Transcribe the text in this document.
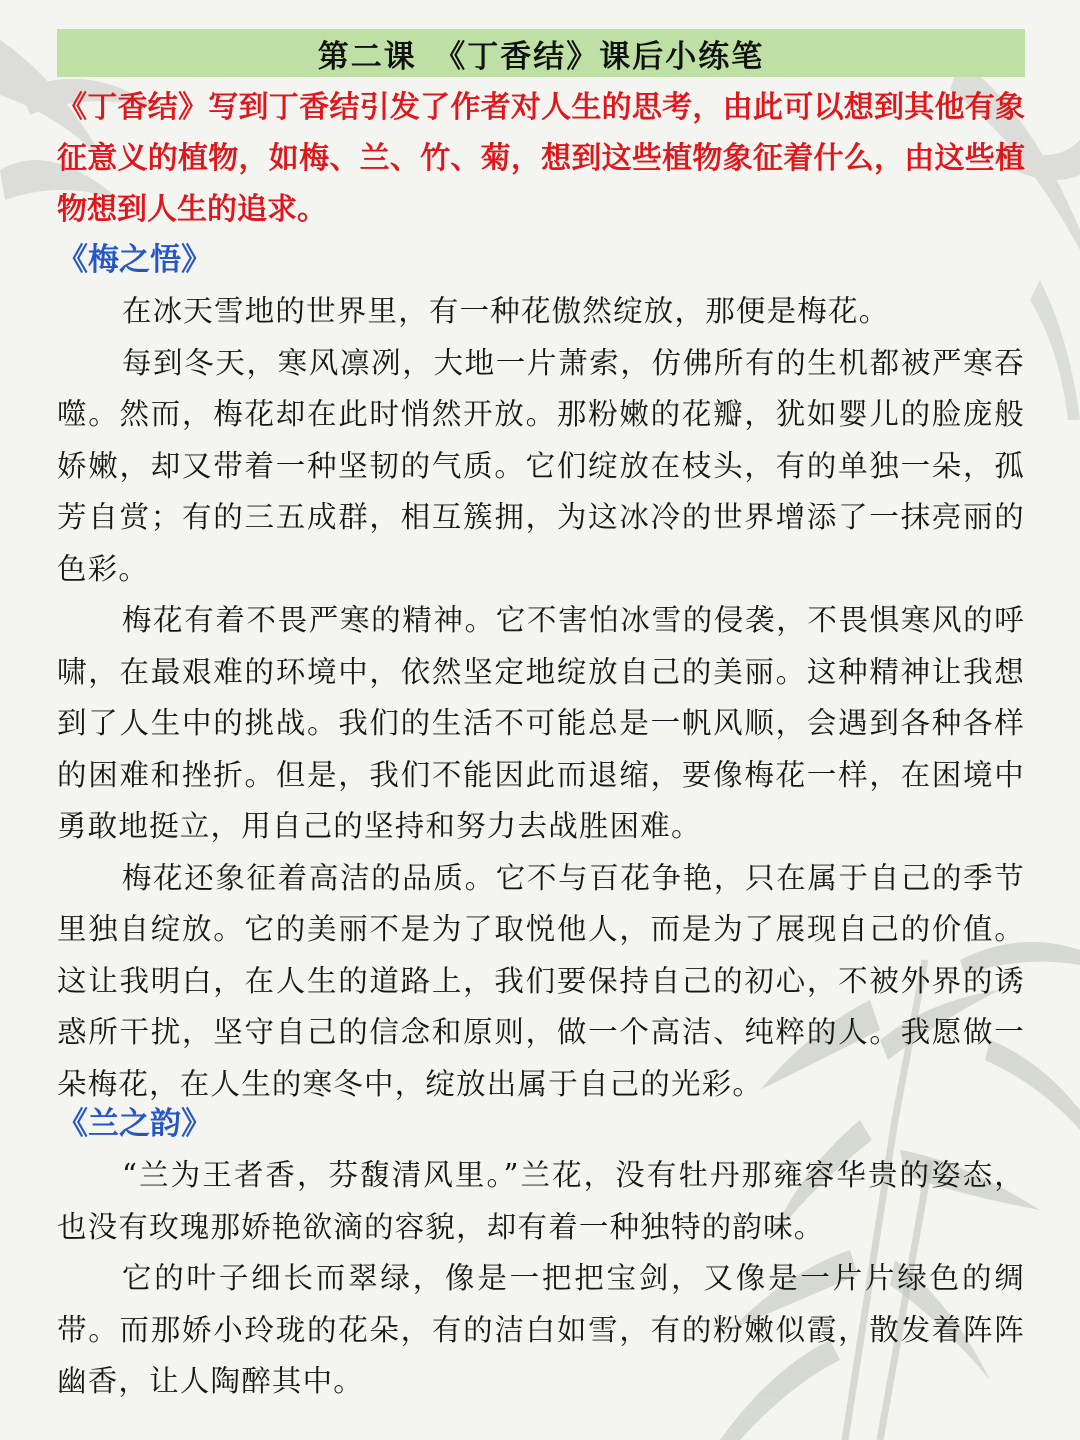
第二课　《丁香结》课后小练笔

《丁香结》写到丁香结引发了作者对人生的思考，由此可以想到其他有象征意义的植物，如梅、兰、竹、菊，想到这些植物象征着什么，由这些植物想到人生的追求。

《梅之悟》

在冰天雪地的世界里，有一种花傲然绽放，那便是梅花。

每到冬天，寒风凛冽，大地一片萧索，仿佛所有的生机都被严寒吞噬。然而，梅花却在此时悄然开放。那粉嫩的花瓣，犹如婴儿的脸庞般娇嫩，却又带着一种坚韧的气质。它们绽放在枝头，有的单独一朵，孤芳自赏；有的三五成群，相互簇拥，为这冰冷的世界增添了一抹亮丽的色彩。

梅花有着不畏严寒的精神。它不害怕冰雪的侵袭，不畏惧寒风的呼啸，在最艰难的环境中，依然坚定地绽放自己的美丽。这种精神让我想到了人生中的挑战。我们的生活不可能总是一帆风顺，会遇到各种各样的困难和挫折。但是，我们不能因此而退缩，要像梅花一样，在困境中勇敢地挺立，用自己的坚持和努力去战胜困难。

梅花还象征着高洁的品质。它不与百花争艳，只在属于自己的季节里独自绽放。它的美丽不是为了取悦他人，而是为了展现自己的价值。这让我明白，在人生的道路上，我们要保持自己的初心，不被外界的诱惑所干扰，坚守自己的信念和原则，做一个高洁、纯粹的人。我愿做一朵梅花，在人生的寒冬中，绽放出属于自己的光彩。

《兰之韵》

“兰为王者香，芬馥清风里。”兰花，没有牡丹那雍容华贵的姿态，也没有玫瑰那娇艳欲滴的容貌，却有着一种独特的韵味。

它的叶子细长而翠绿，像是一把把宝剑，又像是一片片绿色的绸带。而那娇小玲珑的花朵，有的洁白如雪，有的粉嫩似霞，散发着阵阵幽香，让人陶醉其中。
